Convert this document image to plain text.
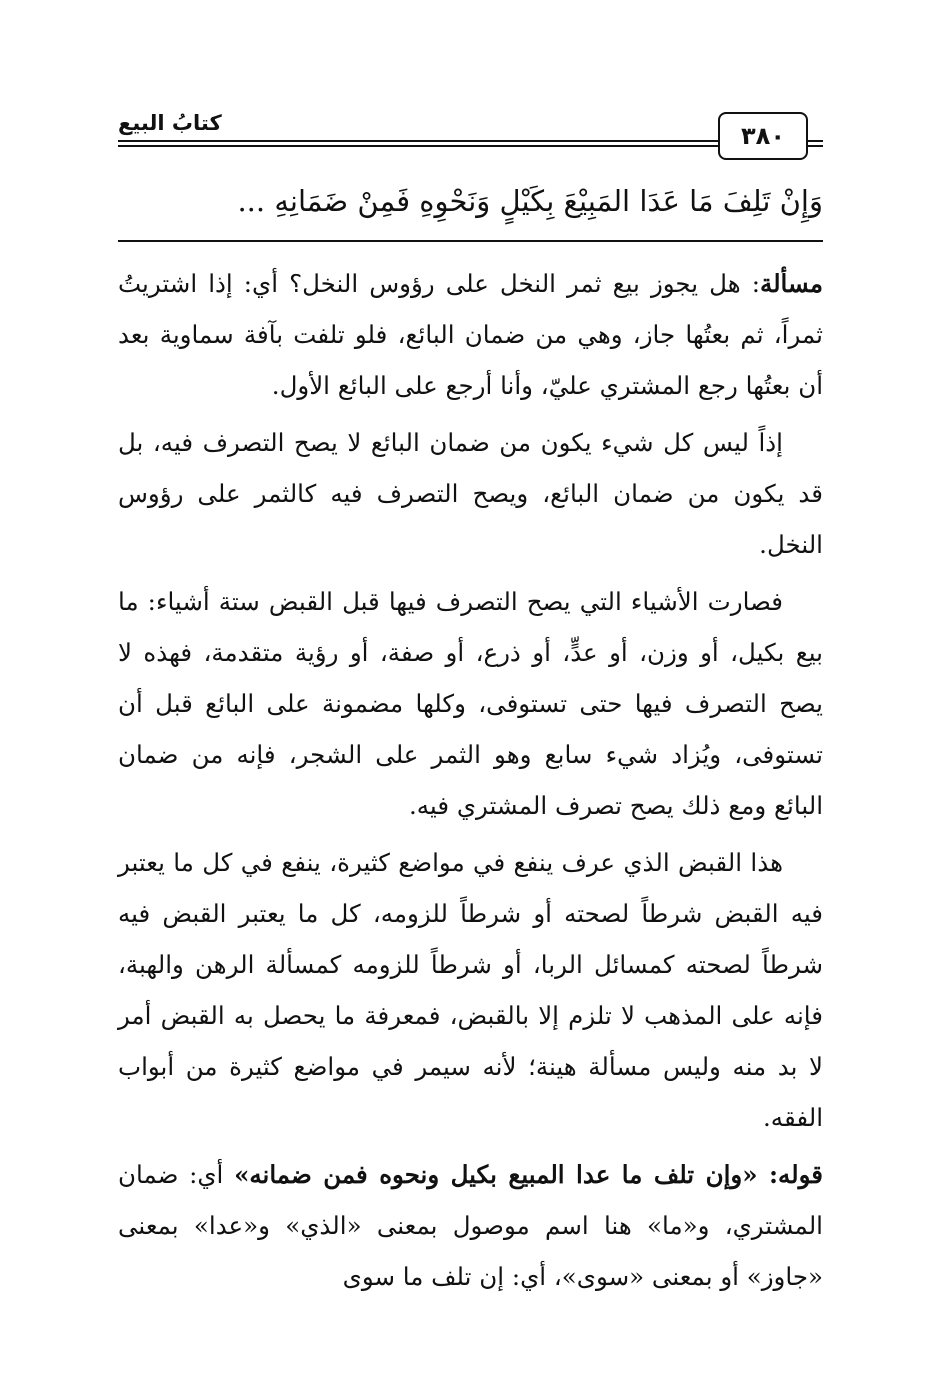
كتابُ البيع	٣٨٠
وَإِنْ تَلِفَ مَا عَدَا المَبِيْعَ بِكَيْلٍ وَنَحْوِهِ فَمِنْ ضَمَانِهِ ...

مسألة: هل يجوز بيع ثمر النخل على رؤوس النخل؟ أي: إذا اشتريتُ ثمراً، ثم بعتُها جاز، وهي من ضمان البائع، فلو تلفت بآفة سماوية بعد أن بعتُها رجع المشتري عليّ، وأنا أرجع على البائع الأول.

إذاً ليس كل شيء يكون من ضمان البائع لا يصح التصرف فيه، بل قد يكون من ضمان البائع، ويصح التصرف فيه كالثمر على رؤوس النخل.

فصارت الأشياء التي يصح التصرف فيها قبل القبض ستة أشياء: ما بيع بكيل، أو وزن، أو عدٍّ، أو ذرع، أو صفة، أو رؤية متقدمة، فهذه لا يصح التصرف فيها حتى تستوفى، وكلها مضمونة على البائع قبل أن تستوفى، ويُزاد شيء سابع وهو الثمر على الشجر، فإنه من ضمان البائع ومع ذلك يصح تصرف المشتري فيه.

هذا القبض الذي عرف ينفع في مواضع كثيرة، ينفع في كل ما يعتبر فيه القبض شرطاً لصحته أو شرطاً للزومه، كل ما يعتبر القبض فيه شرطاً لصحته كمسائل الربا، أو شرطاً للزومه كمسألة الرهن والهبة، فإنه على المذهب لا تلزم إلا بالقبض، فمعرفة ما يحصل به القبض أمر لا بد منه وليس مسألة هينة؛ لأنه سيمر في مواضع كثيرة من أبواب الفقه.

قوله: «وإن تلف ما عدا المبيع بكيل ونحوه فمن ضمانه» أي: ضمان المشتري، و«ما» هنا اسم موصول بمعنى «الذي» و«عدا» بمعنى «جاوز» أو بمعنى «سوى»، أي: إن تلف ما سوى
